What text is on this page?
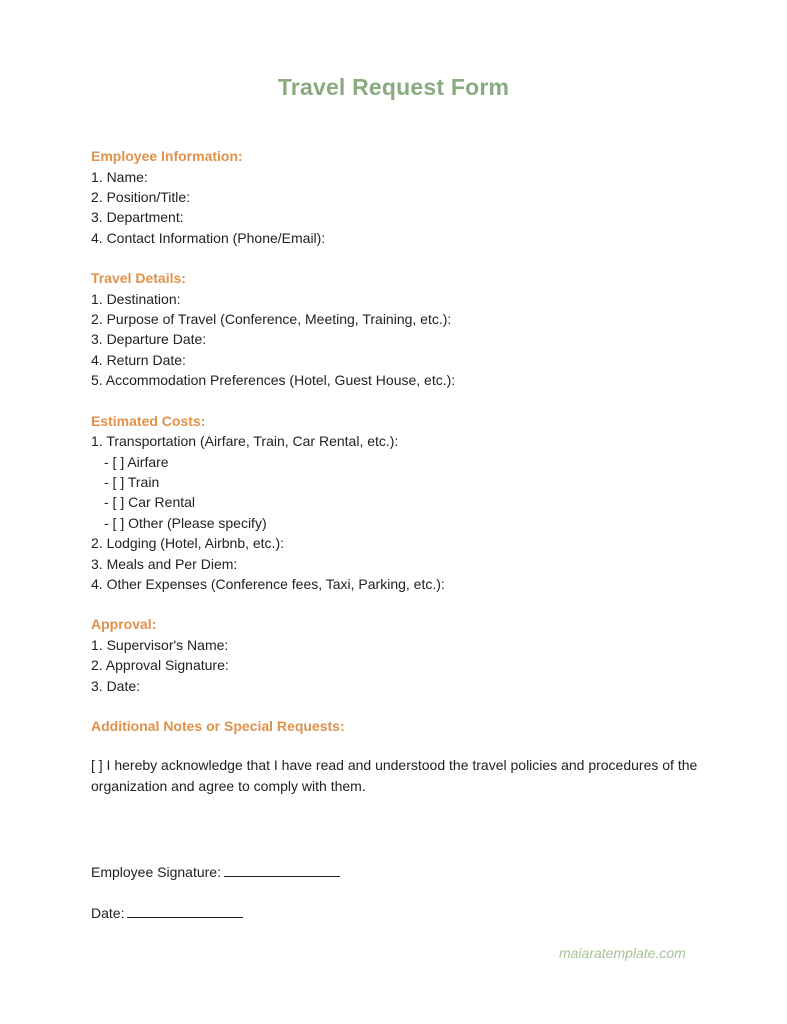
Travel Request Form
Employee Information:
1. Name:
2. Position/Title:
3. Department:
4. Contact Information (Phone/Email):
Travel Details:
1. Destination:
2. Purpose of Travel (Conference, Meeting, Training, etc.):
3. Departure Date:
4. Return Date:
5. Accommodation Preferences (Hotel, Guest House, etc.):
Estimated Costs:
1. Transportation (Airfare, Train, Car Rental, etc.):
- [ ] Airfare
- [ ] Train
- [ ] Car Rental
- [ ] Other (Please specify)
2. Lodging (Hotel, Airbnb, etc.):
3. Meals and Per Diem:
4. Other Expenses (Conference fees, Taxi, Parking, etc.):
Approval:
1. Supervisor's Name:
2. Approval Signature:
3. Date:
Additional Notes or Special Requests:
[ ] I hereby acknowledge that I have read and understood the travel policies and procedures of the organization and agree to comply with them.
Employee Signature:
Date:
maiaratemplate.com
